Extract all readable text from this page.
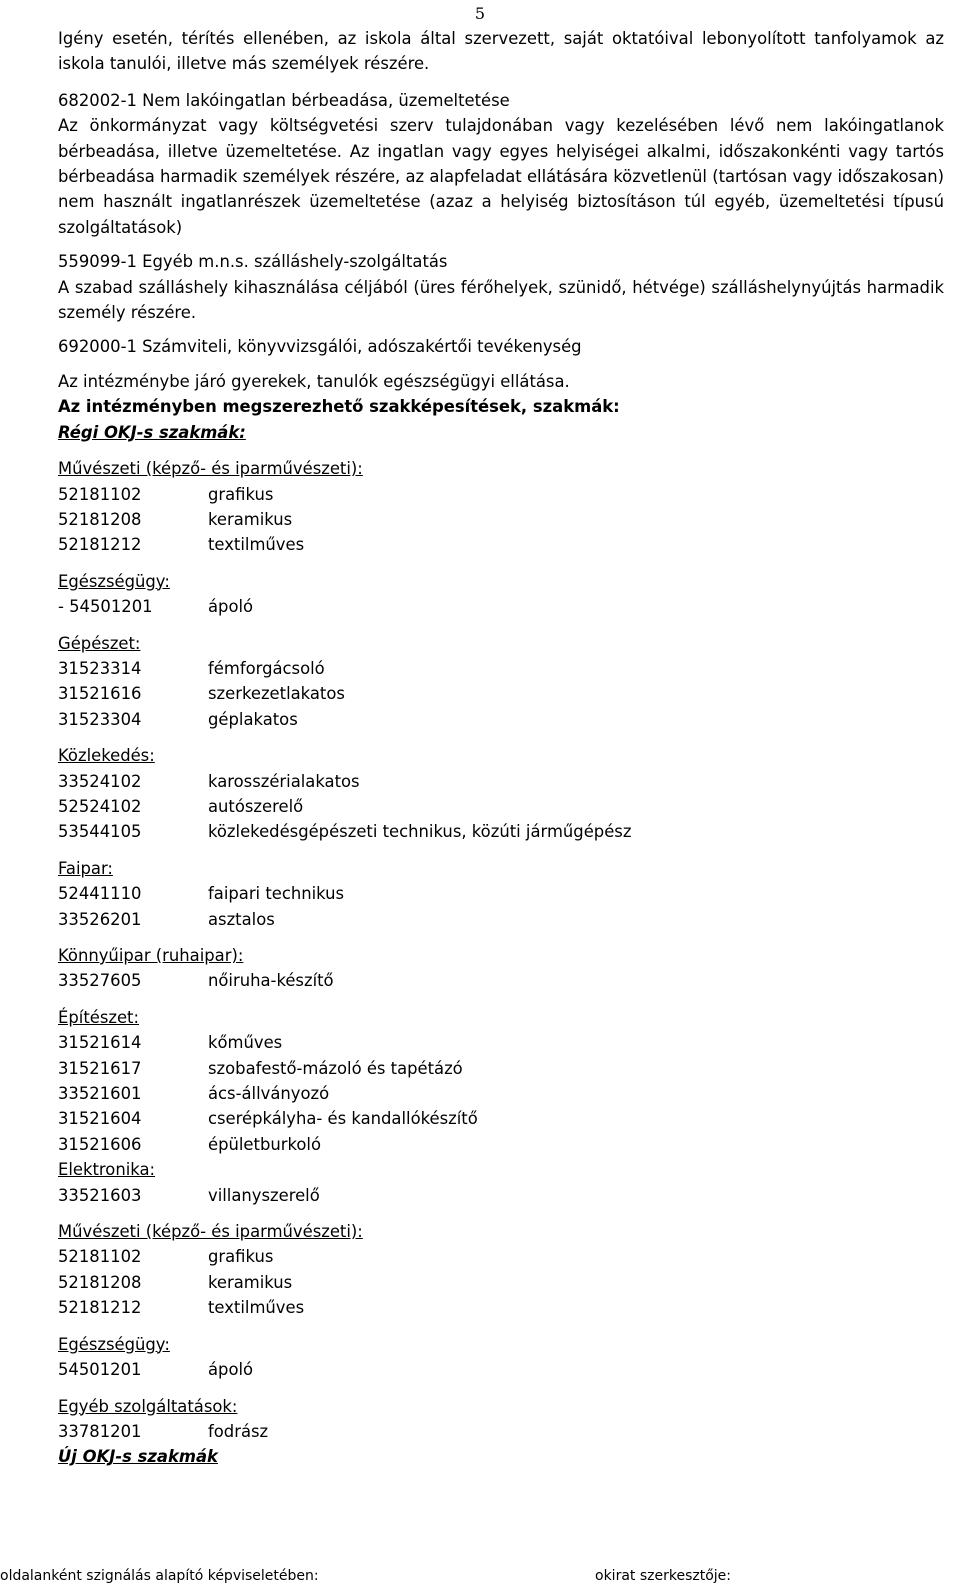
5

Igény esetén, térítés ellenében, az iskola által szervezett, saját oktatóival lebonyolított tanfolyamok az iskola tanulói, illetve más személyek részére.

682002-1 Nem lakóingatlan bérbeadása, üzemeltetése

Az önkormányzat vagy költségvetési szerv tulajdonában vagy kezelésében lévő nem lakóingatlanok bérbeadása, illetve üzemeltetése. Az ingatlan vagy egyes helyiségei alkalmi, időszakonkénti vagy tartós bérbeadása harmadik személyek részére, az alapfeladat ellátására közvetlenül (tartósan vagy időszakosan) nem használt ingatlanrészek üzemeltetése (azaz a helyiség biztosításon túl egyéb, üzemeltetési típusú szolgáltatások)

559099-1 Egyéb m.n.s. szálláshely-szolgáltatás

A szabad szálláshely kihasználása céljából (üres férőhelyek, szünidő, hétvége) szálláshelynyújtás harmadik személy részére.

692000-1 Számviteli, könyvvizsgálói, adószakértői tevékenység

Az intézménybe járó gyerekek, tanulók egészségügyi ellátása.

Az intézményben megszerezhető szakképesítések, szakmák:

Régi OKJ-s szakmák:

Művészeti (képző- és iparművészeti):

52181102	grafikus
52181208	keramikus
52181212	textilműves

Egészségügy:

- 54501201	ápoló

Gépészet:

31523314	fémforgácsoló
31521616	szerkezetlakatos
31523304	géplakatos

Közlekedés:

33524102	karosszérialakatos
52524102	autószerelő
53544105	közlekedésgépészeti technikus, közúti járműgépész

Faipar:

52441110	faipari technikus
33526201	asztalos

Könnyűipar (ruhaipar):

33527605	nőiruha-készítő

Építészet:

31521614	kőműves
31521617	szobafestő-mázoló és tapétázó
33521601	ács-állványozó
31521604	cserépkályha- és kandallókészítő
31521606	épületburkoló

Elektronika:

33521603	villanyszerelő

Művészeti (képző- és iparművészeti):

52181102	grafikus
52181208	keramikus
52181212	textilműves

Egészségügy:

54501201	ápoló

Egyéb szolgáltatások:

33781201	fodrász

Új OKJ-s szakmák

oldalanként szignálás alapító képviseletében:	okirat szerkesztője:
